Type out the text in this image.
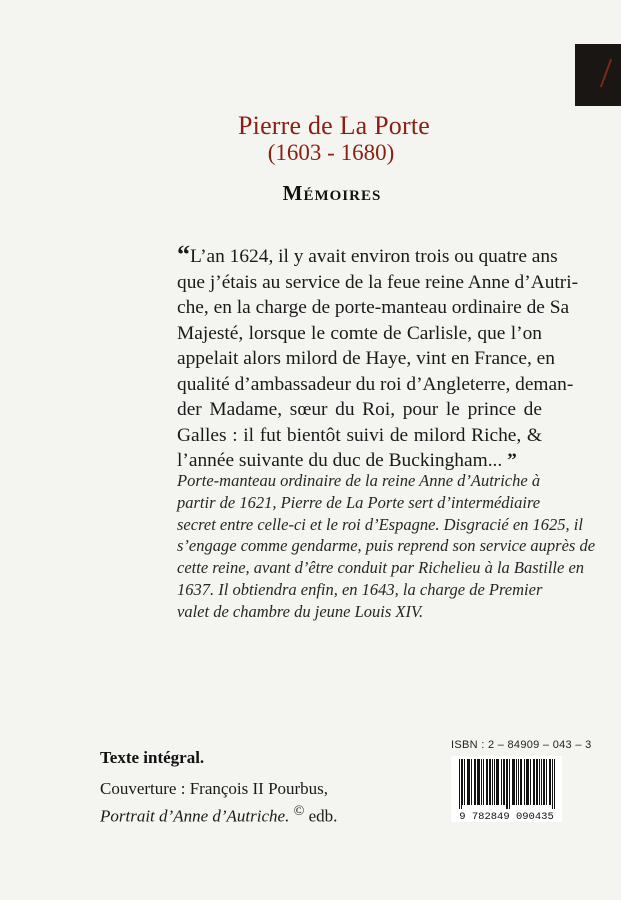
Pierre de La Porte
(1603 - 1680)
Mémoires
“L’an 1624, il y avait environ trois ou quatre ans
que j’étais au service de la feue reine Anne d’Autri-
che, en la charge de porte-manteau ordinaire de Sa
Majesté, lorsque le comte de Carlisle, que l’on
appelait alors milord de Haye, vint en France, en
qualité d’ambassadeur du roi d’Angleterre, deman-
der Madame, sœur du Roi, pour le prince de
Galles : il fut bientôt suivi de milord Riche, &
l’année suivante du duc de Buckingham... ”
Porte-manteau ordinaire de la reine Anne d’Autriche à
partir de 1621, Pierre de La Porte sert d’intermédiaire
secret entre celle-ci et le roi d’Espagne. Disgracié en 1625, il
s’engage comme gendarme, puis reprend son service auprès de
cette reine, avant d’être conduit par Richelieu à la Bastille en
1637. Il obtiendra enfin, en 1643, la charge de Premier
valet de chambre du jeune Louis XIV.
Texte intégral.
Couverture : François II Pourbus,
Portrait d’Anne d’Autriche. © edb.
ISBN : 2 – 84909 – 043 – 3
9 782849 090435
